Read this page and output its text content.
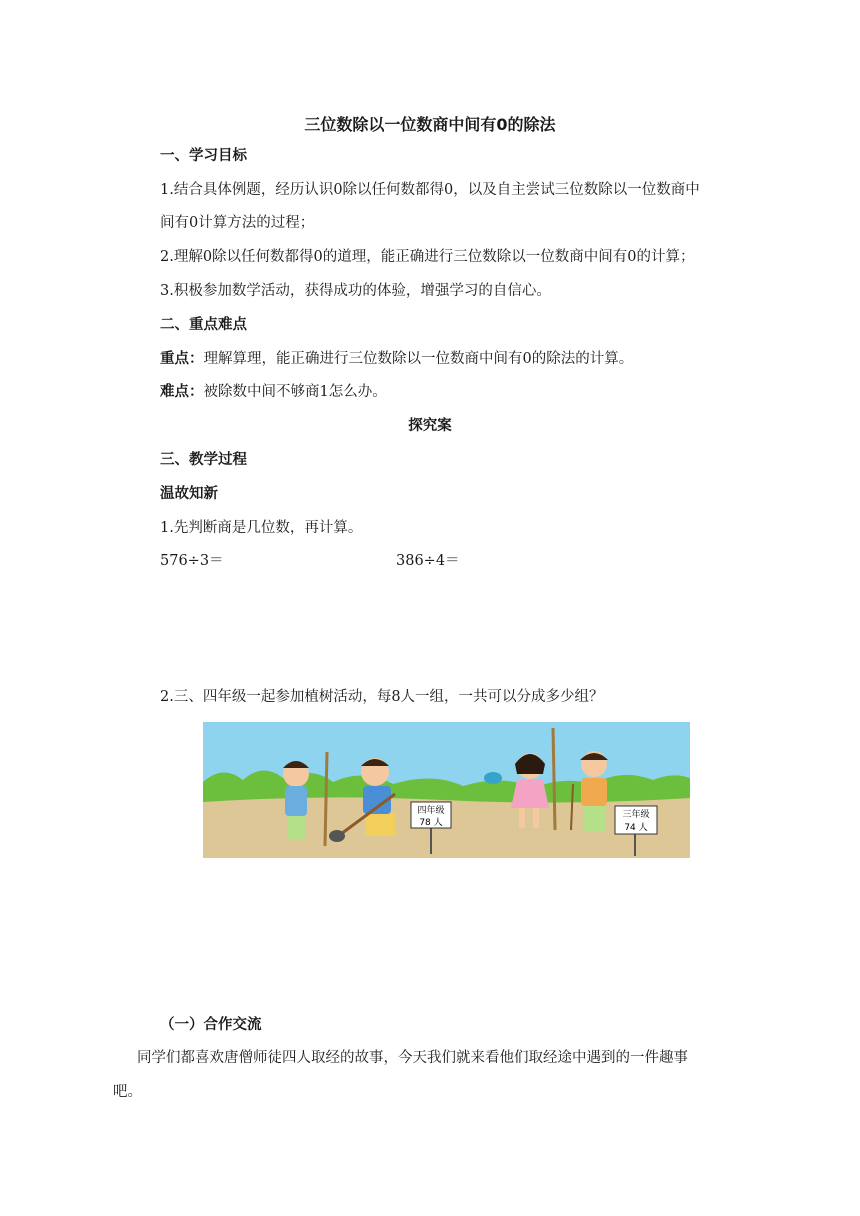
三位数除以一位数商中间有0的除法
一、学习目标
1.结合具体例题，经历认识0除以任何数都得0，以及自主尝试三位数除以一位数商中
间有0计算方法的过程；
2.理解0除以任何数都得0的道理，能正确进行三位数除以一位数商中间有0的计算；
3.积极参加数学活动，获得成功的体验，增强学习的自信心。
二、重点难点
重点：理解算理，能正确进行三位数除以一位数商中间有0的除法的计算。
难点：被除数中间不够商1怎么办。
探究案
三、教学过程
温故知新
1.先判断商是几位数，再计算。
576÷3＝	386÷4＝
2.三、四年级一起参加植树活动，每8人一组，一共可以分成多少组？
四年级
78 人
三年级
74 人
（一）合作交流
同学们都喜欢唐僧师徒四人取经的故事，今天我们就来看他们取经途中遇到的一件趣事
吧。
